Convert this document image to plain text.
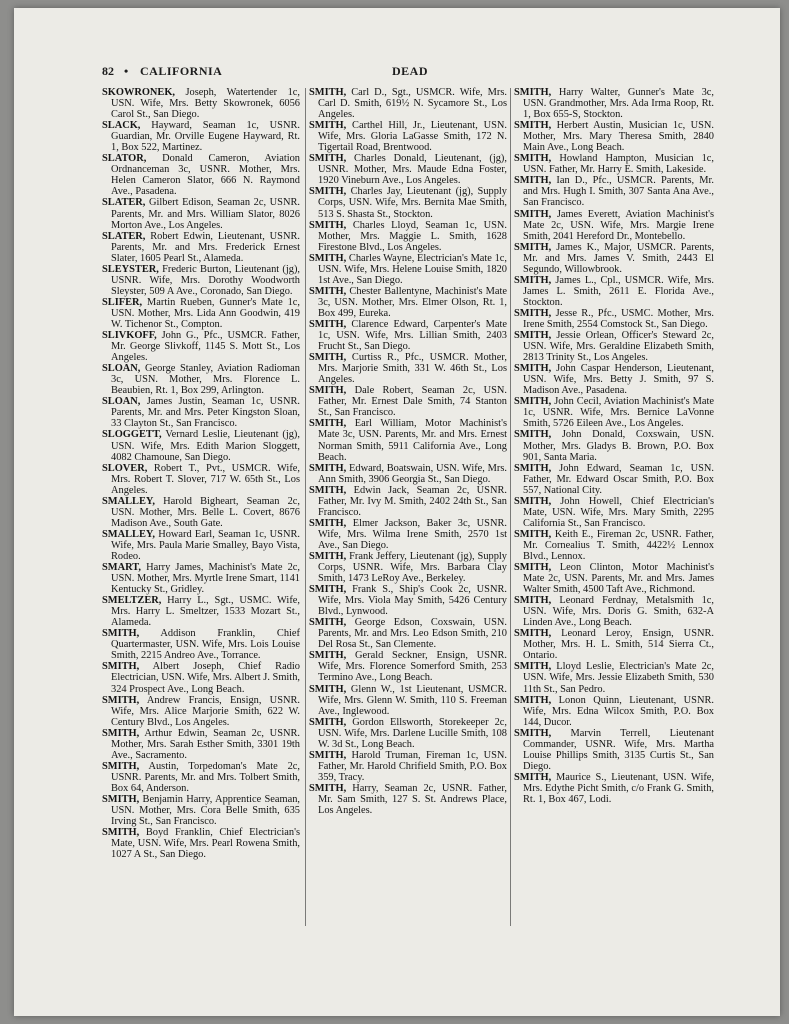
82 • CALIFORNIA	DEAD

SKOWRONEK, Joseph, Watertender 1c, USN. Wife, Mrs. Betty Skowronek, 6056 Carol St., San Diego.

SLACK, Hayward, Seaman 1c, USNR. Guardian, Mr. Orville Eugene Hayward, Rt. 1, Box 522, Martinez.

SLATOR, Donald Cameron, Aviation Ordnanceman 3c, USNR. Mother, Mrs. Helen Cameron Slator, 666 N. Raymond Ave., Pasadena.

SLATER, Gilbert Edison, Seaman 2c, USNR. Parents, Mr. and Mrs. William Slator, 8026 Morton Ave., Los Angeles.

SLATER, Robert Edwin, Lieutenant, USNR. Parents, Mr. and Mrs. Frederick Ernest Slater, 1605 Pearl St., Alameda.

SLEYSTER, Frederic Burton, Lieutenant (jg), USNR. Wife, Mrs. Dorothy Woodworth Sleyster, 509 A Ave., Coronado, San Diego.

SLIFER, Martin Rueben, Gunner's Mate 1c, USN. Mother, Mrs. Lida Ann Goodwin, 419 W. Tichenor St., Compton.

SLIVKOFF, John G., Pfc., USMCR. Father, Mr. George Slivkoff, 1145 S. Mott St., Los Angeles.

SLOAN, George Stanley, Aviation Radioman 3c, USN. Mother, Mrs. Florence L. Beaubien, Rt. 1, Box 299, Arlington.

SLOAN, James Justin, Seaman 1c, USNR. Parents, Mr. and Mrs. Peter Kingston Sloan, 33 Clayton St., San Francisco.

SLOGGETT, Vernard Leslie, Lieutenant (jg), USN. Wife, Mrs. Edith Marion Sloggett, 4082 Chamoune, San Diego.

SLOVER, Robert T., Pvt., USMCR. Wife, Mrs. Robert T. Slover, 717 W. 65th St., Los Angeles.

SMALLEY, Harold Bigheart, Seaman 2c, USN. Mother, Mrs. Belle L. Covert, 8676 Madison Ave., South Gate.

SMALLEY, Howard Earl, Seaman 1c, USNR. Wife, Mrs. Paula Marie Smalley, Bayo Vista, Rodeo.

SMART, Harry James, Machinist's Mate 2c, USN. Mother, Mrs. Myrtle Irene Smart, 1141 Kentucky St., Gridley.

SMELTZER, Harry L., Sgt., USMC. Wife, Mrs. Harry L. Smeltzer, 1533 Mozart St., Alameda.

SMITH, Addison Franklin, Chief Quartermaster, USN. Wife, Mrs. Lois Louise Smith, 2215 Andreo Ave., Torrance.

SMITH, Albert Joseph, Chief Radio Electrician, USN. Wife, Mrs. Albert J. Smith, 324 Prospect Ave., Long Beach.

SMITH, Andrew Francis, Ensign, USNR. Wife, Mrs. Alice Marjorie Smith, 622 W. Century Blvd., Los Angeles.

SMITH, Arthur Edwin, Seaman 2c, USNR. Mother, Mrs. Sarah Esther Smith, 3301 19th Ave., Sacramento.

SMITH, Austin, Torpedoman's Mate 2c, USNR. Parents, Mr. and Mrs. Tolbert Smith, Box 64, Anderson.

SMITH, Benjamin Harry, Apprentice Seaman, USN. Mother, Mrs. Cora Belle Smith, 635 Irving St., San Francisco.

SMITH, Boyd Franklin, Chief Electrician's Mate, USN. Wife, Mrs. Pearl Rowena Smith, 1027 A St., San Diego.

SMITH, Carl D., Sgt., USMCR. Wife, Mrs. Carl D. Smith, 619½ N. Sycamore St., Los Angeles.

SMITH, Carthel Hill, Jr., Lieutenant, USN. Wife, Mrs. Gloria LaGasse Smith, 172 N. Tigertail Road, Brentwood.

SMITH, Charles Donald, Lieutenant, (jg), USNR. Mother, Mrs. Maude Edna Foster, 1920 Vineburn Ave., Los Angeles.

SMITH, Charles Jay, Lieutenant (jg), Supply Corps, USN. Wife, Mrs. Bernita Mae Smith, 513 S. Shasta St., Stockton.

SMITH, Charles Lloyd, Seaman 1c, USN. Mother, Mrs. Maggie L. Smith, 1628 Firestone Blvd., Los Angeles.

SMITH, Charles Wayne, Electrician's Mate 1c, USN. Wife, Mrs. Helene Louise Smith, 1820 1st Ave., San Diego.

SMITH, Chester Ballentyne, Machinist's Mate 3c, USN. Mother, Mrs. Elmer Olson, Rt. 1, Box 499, Eureka.

SMITH, Clarence Edward, Carpenter's Mate 1c, USN. Wife, Mrs. Lillian Smith, 2403 Frucht St., San Diego.

SMITH, Curtiss R., Pfc., USMCR. Mother, Mrs. Marjorie Smith, 331 W. 46th St., Los Angeles.

SMITH, Dale Robert, Seaman 2c, USN. Father, Mr. Ernest Dale Smith, 74 Stanton St., San Francisco.

SMITH, Earl William, Motor Machinist's Mate 3c, USN. Parents, Mr. and Mrs. Ernest Norman Smith, 5911 California Ave., Long Beach.

SMITH, Edward, Boatswain, USN. Wife, Mrs. Ann Smith, 3906 Georgia St., San Diego.

SMITH, Edwin Jack, Seaman 2c, USNR. Father, Mr. Ivy M. Smith, 2402 24th St., San Francisco.

SMITH, Elmer Jackson, Baker 3c, USNR. Wife, Mrs. Wilma Irene Smith, 2570 1st Ave., San Diego.

SMITH, Frank Jeffery, Lieutenant (jg), Supply Corps, USNR. Wife, Mrs. Barbara Clay Smith, 1473 LeRoy Ave., Berkeley.

SMITH, Frank S., Ship's Cook 2c, USNR. Wife, Mrs. Viola May Smith, 5426 Century Blvd., Lynwood.

SMITH, George Edson, Coxswain, USN. Parents, Mr. and Mrs. Leo Edson Smith, 210 Del Rosa St., San Clemente.

SMITH, Gerald Seckner, Ensign, USNR. Wife, Mrs. Florence Somerford Smith, 253 Termino Ave., Long Beach.

SMITH, Glenn W., 1st Lieutenant, USMCR. Wife, Mrs. Glenn W. Smith, 110 S. Freeman Ave., Inglewood.

SMITH, Gordon Ellsworth, Storekeeper 2c, USN. Wife, Mrs. Darlene Lucille Smith, 108 W. 3d St., Long Beach.

SMITH, Harold Truman, Fireman 1c, USN. Father, Mr. Harold Chrifield Smith, P.O. Box 359, Tracy.

SMITH, Harry, Seaman 2c, USNR. Father, Mr. Sam Smith, 127 S. St. Andrews Place, Los Angeles.

SMITH, Harry Walter, Gunner's Mate 3c, USN. Grandmother, Mrs. Ada Irma Roop, Rt. 1, Box 655-S, Stockton.

SMITH, Herbert Austin, Musician 1c, USN. Mother, Mrs. Mary Theresa Smith, 2840 Main Ave., Long Beach.

SMITH, Howland Hampton, Musician 1c, USN. Father, Mr. Harry E. Smith, Lakeside.

SMITH, Ian D., Pfc., USMCR. Parents, Mr. and Mrs. Hugh I. Smith, 307 Santa Ana Ave., San Francisco.

SMITH, James Everett, Aviation Machinist's Mate 2c, USN. Wife, Mrs. Margie Irene Smith, 2041 Hereford Dr., Montebello.

SMITH, James K., Major, USMCR. Parents, Mr. and Mrs. James V. Smith, 2443 El Segundo, Willowbrook.

SMITH, James L., Cpl., USMCR. Wife, Mrs. James L. Smith, 2611 E. Florida Ave., Stockton.

SMITH, Jesse R., Pfc., USMC. Mother, Mrs. Irene Smith, 2554 Comstock St., San Diego.

SMITH, Jessie Orlean, Officer's Steward 2c, USN. Wife, Mrs. Geraldine Elizabeth Smith, 2813 Trinity St., Los Angeles.

SMITH, John Caspar Henderson, Lieutenant, USN. Wife, Mrs. Betty J. Smith, 97 S. Madison Ave., Pasadena.

SMITH, John Cecil, Aviation Machinist's Mate 1c, USNR. Wife, Mrs. Bernice LaVonne Smith, 5726 Eileen Ave., Los Angeles.

SMITH, John Donald, Coxswain, USN. Mother, Mrs. Gladys B. Brown, P.O. Box 901, Santa Maria.

SMITH, John Edward, Seaman 1c, USN. Father, Mr. Edward Oscar Smith, P.O. Box 557, National City.

SMITH, John Howell, Chief Electrician's Mate, USN. Wife, Mrs. Mary Smith, 2295 California St., San Francisco.

SMITH, Keith E., Fireman 2c, USNR. Father, Mr. Cornealius T. Smith, 4422½ Lennox Blvd., Lennox.

SMITH, Leon Clinton, Motor Machinist's Mate 2c, USN. Parents, Mr. and Mrs. James Walter Smith, 4500 Taft Ave., Richmond.

SMITH, Leonard Ferdnay, Metalsmith 1c, USN. Wife, Mrs. Doris G. Smith, 632-A Linden Ave., Long Beach.

SMITH, Leonard Leroy, Ensign, USNR. Mother, Mrs. H. L. Smith, 514 Sierra Ct., Ontario.

SMITH, Lloyd Leslie, Electrician's Mate 2c, USN. Wife, Mrs. Jessie Elizabeth Smith, 530 11th St., San Pedro.

SMITH, Lonon Quinn, Lieutenant, USNR. Wife, Mrs. Edna Wilcox Smith, P.O. Box 144, Ducor.

SMITH, Marvin Terrell, Lieutenant Commander, USNR. Wife, Mrs. Martha Louise Phillips Smith, 3135 Curtis St., San Diego.

SMITH, Maurice S., Lieutenant, USN. Wife, Mrs. Edythe Picht Smith, c/o Frank G. Smith, Rt. 1, Box 467, Lodi.
